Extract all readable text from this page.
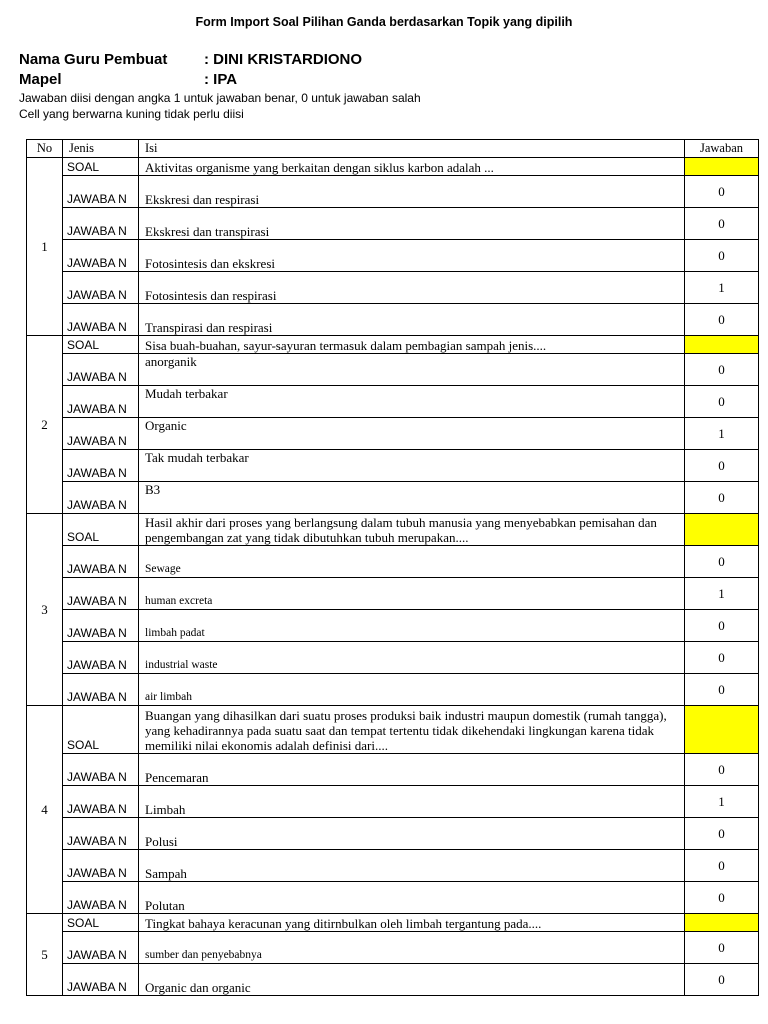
Form Import Soal Pilihan Ganda berdasarkan Topik yang dipilih
Nama Guru Pembuat : DINI KRISTARDIONO
Mapel	: IPA
Jawaban diisi dengan angka 1 untuk jawaban benar, 0 untuk jawaban salah
Cell yang berwarna kuning tidak perlu diisi
No	Jenis	Isi	Jawaban
1	SOAL	Aktivitas organisme yang berkaitan dengan siklus karbon adalah ...	
	JAWABA N	Ekskresi dan respirasi	0
	JAWABA N	Ekskresi dan transpirasi	0
	JAWABA N	Fotosintesis dan ekskresi	0
	JAWABA N	Fotosintesis dan respirasi	1
	JAWABA N	Transpirasi dan respirasi	0
2	SOAL	Sisa buah-buahan, sayur-sayuran termasuk dalam pembagian sampah jenis....	
	JAWABA N	anorganik	0
	JAWABA N	Mudah terbakar	0
	JAWABA N	Organic	1
	JAWABA N	Tak mudah terbakar	0
	JAWABA N	B3	0
3	SOAL	Hasil akhir dari proses yang berlangsung dalam tubuh manusia yang menyebabkan pemisahan dan pengembangan zat yang tidak dibutuhkan tubuh merupakan....	
	JAWABA N	Sewage	0
	JAWABA N	human excreta	1
	JAWABA N	limbah padat	0
	JAWABA N	industrial waste	0
	JAWABA N	air limbah	0
4	SOAL	Buangan yang dihasilkan dari suatu proses produksi baik industri maupun domestik (rumah tangga), yang kehadirannya pada suatu saat dan tempat tertentu tidak dikehendaki lingkungan karena tidak memiliki nilai ekonomis adalah definisi dari....	
	JAWABA N	Pencemaran	0
	JAWABA N	Limbah	1
	JAWABA N	Polusi	0
	JAWABA N	Sampah	0
	JAWABA N	Polutan	0
5	SOAL	Tingkat bahaya keracunan yang ditirnbulkan oleh limbah tergantung pada....	
	JAWABA N	sumber dan penyebabnya	0
	JAWABA N	Organic dan organic	0
